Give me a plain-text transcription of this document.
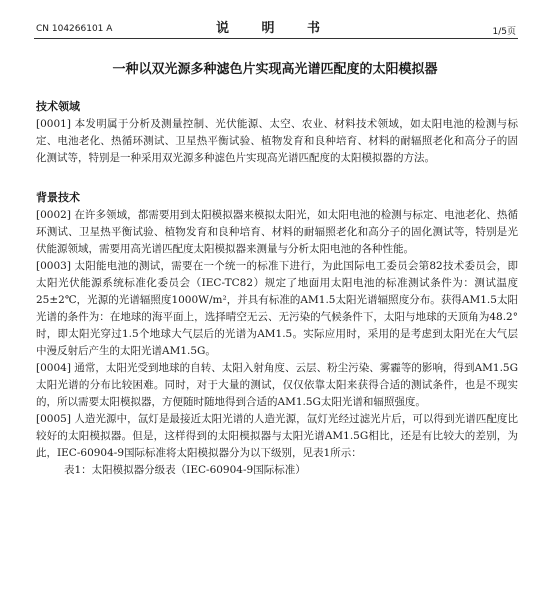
CN 104266101 A	说 明 书	1/5页
一种以双光源多种滤色片实现高光谱匹配度的太阳模拟器
技术领域

[0001] 本发明属于分析及测量控制、光伏能源、太空、农业、材料技术领域，如太阳电池的检测与标定、电池老化、热循环测试、卫星热平衡试验、植物发育和良种培育、材料的耐辐照老化和高分子的固化测试等，特别是一种采用双光源多种滤色片实现高光谱匹配度的太阳模拟器的方法。

背景技术

[0002] 在许多领域，都需要用到太阳模拟器来模拟太阳光，如太阳电池的检测与标定、电池老化、热循环测试、卫星热平衡试验、植物发育和良种培育、材料的耐辐照老化和高分子的固化测试等，特别是光伏能源领域，需要用高光谱匹配度太阳模拟器来测量与分析太阳电池的各种性能。

[0003] 太阳能电池的测试，需要在一个统一的标准下进行，为此国际电工委员会第82技术委员会，即太阳光伏能源系统标准化委员会（IEC-TC82）规定了地面用太阳电池的标准测试条件为：测试温度25±2℃，光源的光谱辐照度1000W/m²，并具有标准的AM1.5太阳光谱辐照度分布。获得AM1.5太阳光谱的条件为：在地球的海平面上，选择晴空无云、无污染的气候条件下，太阳与地球的天顶角为48.2°时，即太阳光穿过1.5个地球大气层后的光谱为AM1.5。实际应用时，采用的是考虑到太阳光在大气层中漫反射后产生的太阳光谱AM1.5G。

[0004] 通常，太阳光受到地球的自转、太阳入射角度、云层、粉尘污染、雾霾等的影响，得到AM1.5G太阳光谱的分布比较困难。同时，对于大量的测试，仅仅依靠太阳来获得合适的测试条件，也是不现实的，所以需要太阳模拟器，方便随时随地得到合适的AM1.5G太阳光谱和辐照强度。

[0005] 人造光源中，氙灯是最接近太阳光谱的人造光源，氙灯光经过滤光片后，可以得到光谱匹配度比较好的太阳模拟器。但是，这样得到的太阳模拟器与太阳光谱AM1.5G相比，还是有比较大的差别，为此，IEC-60904-9国际标准将太阳模拟器分为以下级别，见表1所示：

表1：太阳模拟器分级表（IEC-60904-9国际标准）
